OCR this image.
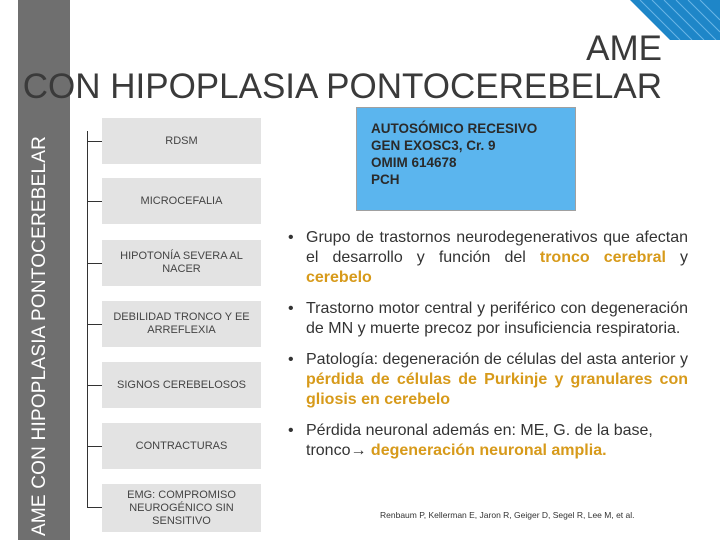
AME CON HIPOPLASIA PONTOCEREBELAR
AME
CON HIPOPLASIA PONTOCEREBELAR
RDSM
MICROCEFALIA
HIPOTONÍA SEVERA AL NACER
DEBILIDAD TRONCO Y EE ARREFLEXIA
SIGNOS CEREBELOSOS
CONTRACTURAS
EMG: COMPROMISO NEUROGÉNICO SIN SENSITIVO
AUTOSÓMICO RECESIVO
GEN EXOSC3, Cr. 9
OMIM 614678
PCH
• Grupo de trastornos neurodegenerativos que afectan el desarrollo y función del tronco cerebral y cerebelo
• Trastorno motor central y periférico con degeneración de MN y muerte precoz por insuficiencia respiratoria.
• Patología: degeneración de células del asta anterior y pérdida de células de Purkinje y granulares con gliosis en cerebelo
• Pérdida neuronal además en: ME, G. de la base, tronco→ degeneración neuronal amplia.
Renbaum P, Kellerman E, Jaron R, Geiger D, Segel R, Lee M, et al.
